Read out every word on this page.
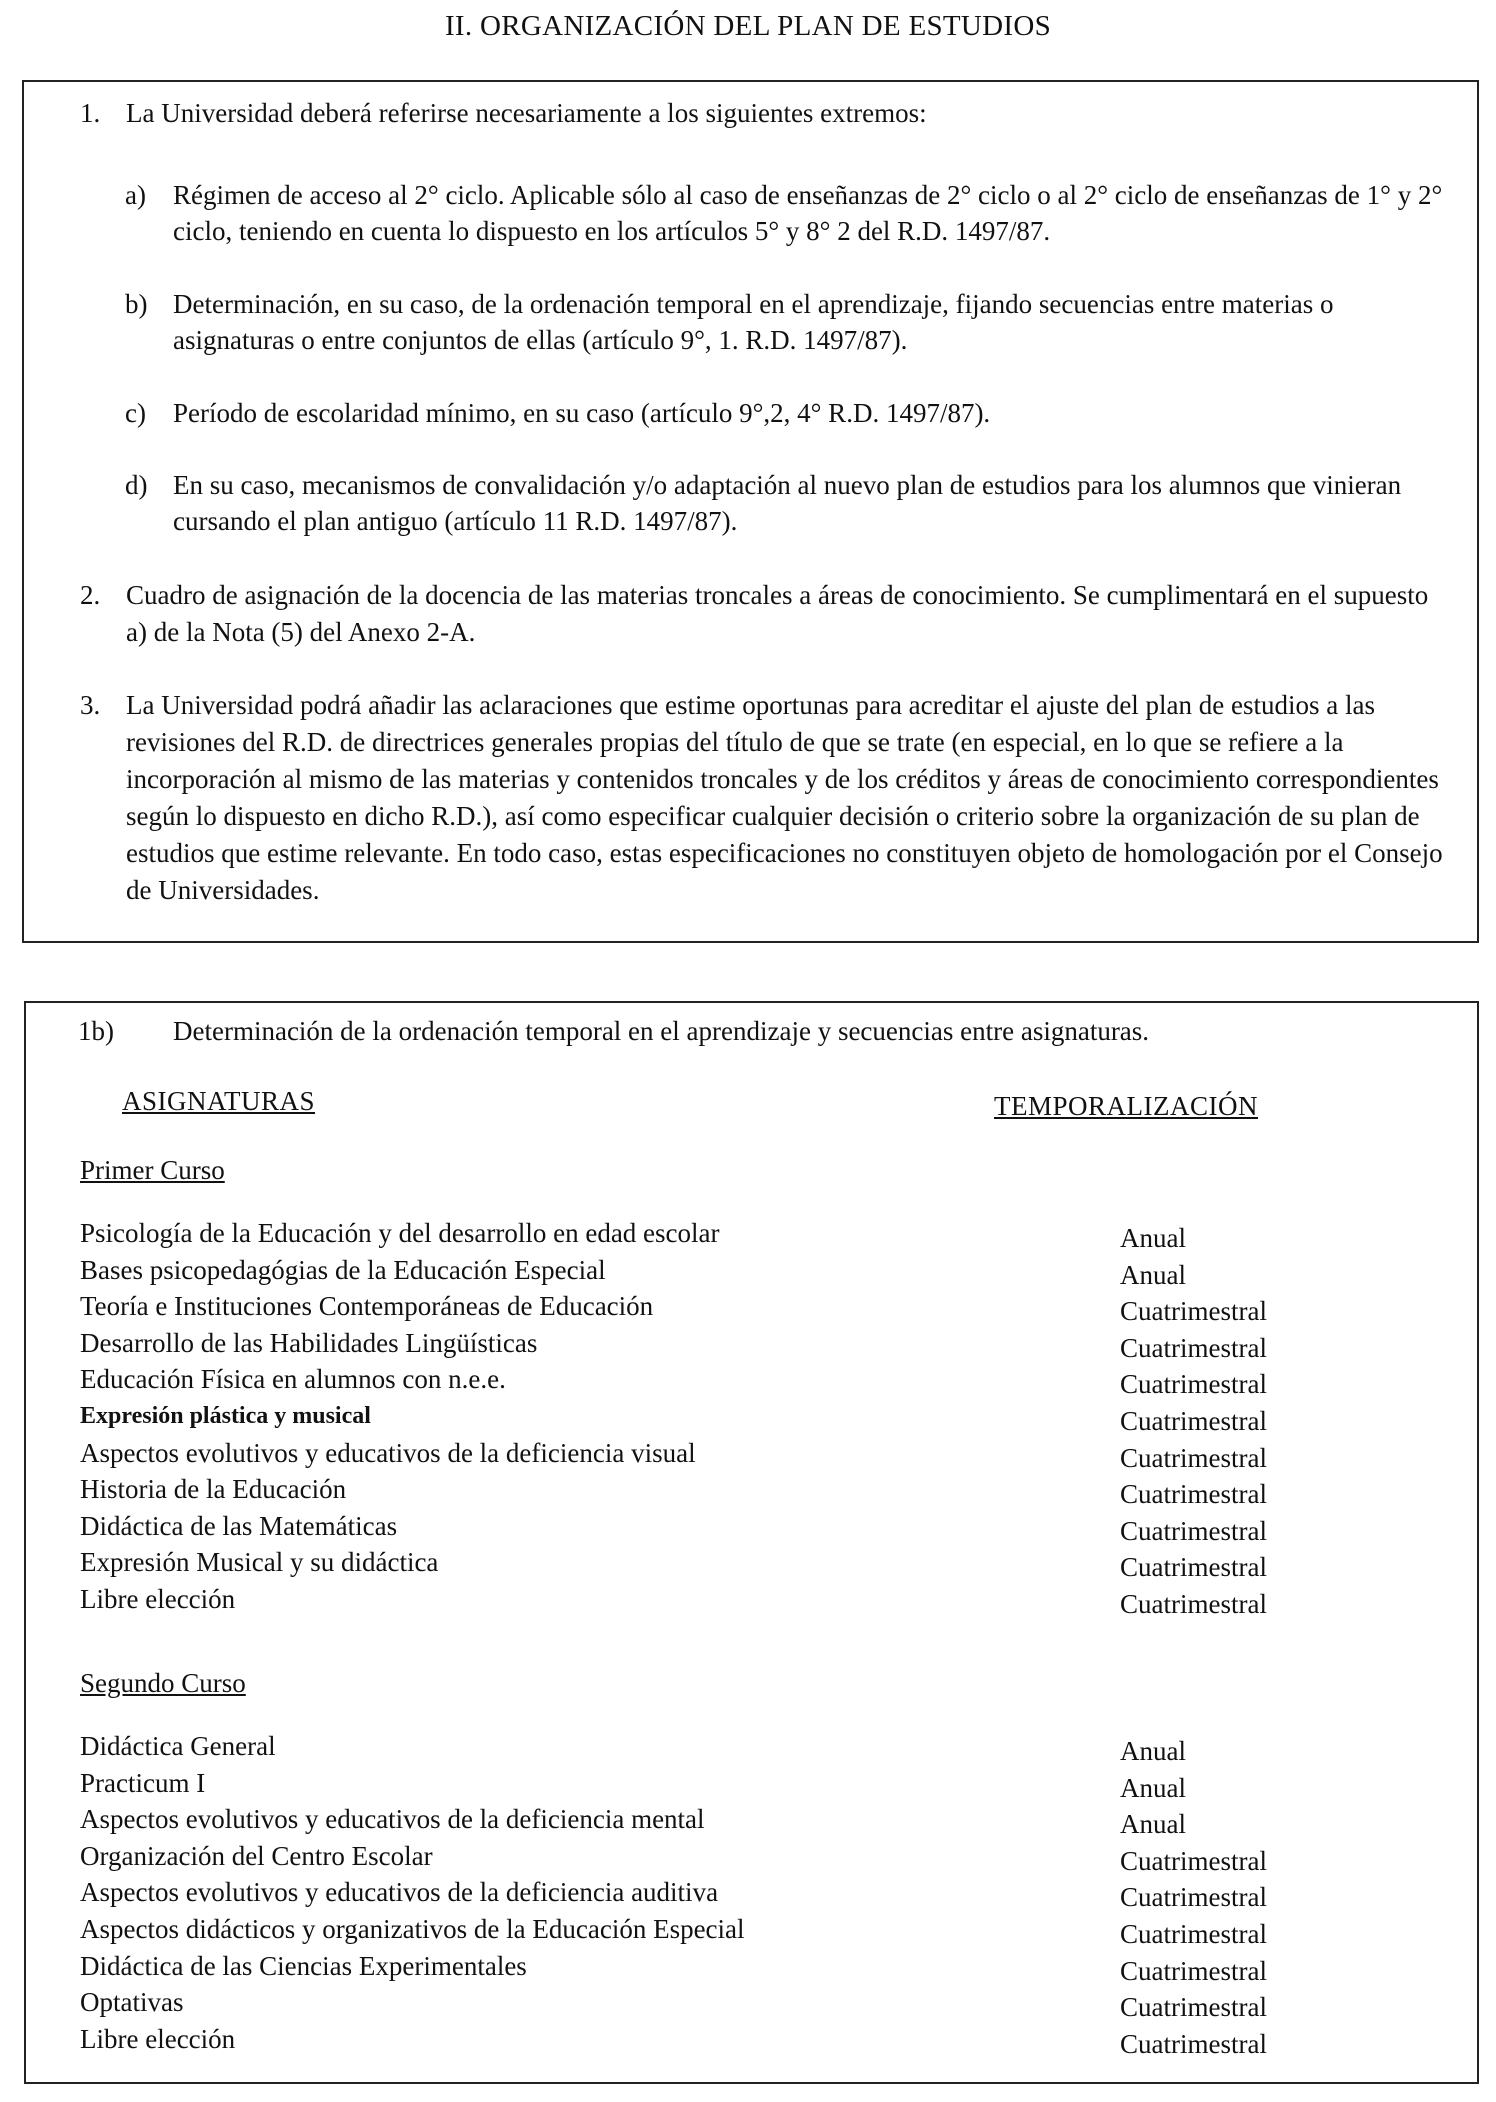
II. ORGANIZACIÓN DEL PLAN DE ESTUDIOS
1. La Universidad deberá referirse necesariamente a los siguientes extremos:
a) Régimen de acceso al 2° ciclo. Aplicable sólo al caso de enseñanzas de 2° ciclo o al 2° ciclo de enseñanzas de 1° y 2° ciclo, teniendo en cuenta lo dispuesto en los artículos 5° y 8° 2 del R.D. 1497/87.
b) Determinación, en su caso, de la ordenación temporal en el aprendizaje, fijando secuencias entre materias o asignaturas o entre conjuntos de ellas (artículo 9°, 1. R.D. 1497/87).
c) Período de escolaridad mínimo, en su caso (artículo 9°,2, 4° R.D. 1497/87).
d) En su caso, mecanismos de convalidación y/o adaptación al nuevo plan de estudios para los alumnos que vinieran cursando el plan antiguo (artículo 11 R.D. 1497/87).
2. Cuadro de asignación de la docencia de las materias troncales a áreas de conocimiento. Se cumplimentará en el supuesto a) de la Nota (5) del Anexo 2-A.
3. La Universidad podrá añadir las aclaraciones que estime oportunas para acreditar el ajuste del plan de estudios a las revisiones del R.D. de directrices generales propias del título de que se trate (en especial, en lo que se refiere a la incorporación al mismo de las materias y contenidos troncales y de los créditos y áreas de conocimiento correspondientes según lo dispuesto en dicho R.D.), así como especificar cualquier decisión o criterio sobre la organización de su plan de estudios que estime relevante. En todo caso, estas especificaciones no constituyen objeto de homologación por el Consejo de Universidades.
1b) Determinación de la ordenación temporal en el aprendizaje y secuencias entre asignaturas.
ASIGNATURAS	TEMPORALIZACIÓN
Primer Curso
Psicología de la Educación y del desarrollo en edad escolar	Anual
Bases psicopedagógias de la Educación Especial	Anual
Teoría e Instituciones Contemporáneas de Educación	Cuatrimestral
Desarrollo de las Habilidades Lingüísticas	Cuatrimestral
Educación Física en alumnos con n.e.e.	Cuatrimestral
Expresión plástica y musical	Cuatrimestral
Aspectos evolutivos y educativos de la deficiencia visual	Cuatrimestral
Historia de la Educación	Cuatrimestral
Didáctica de las Matemáticas	Cuatrimestral
Expresión Musical y su didáctica	Cuatrimestral
Libre elección	Cuatrimestral
Segundo Curso
Didáctica General	Anual
Practicum I	Anual
Aspectos evolutivos y educativos de la deficiencia mental	Anual
Organización del Centro Escolar	Cuatrimestral
Aspectos evolutivos y educativos de la deficiencia auditiva	Cuatrimestral
Aspectos didácticos y organizativos de la Educación Especial	Cuatrimestral
Didáctica de las Ciencias Experimentales	Cuatrimestral
Optativas	Cuatrimestral
Libre elección	Cuatrimestral
